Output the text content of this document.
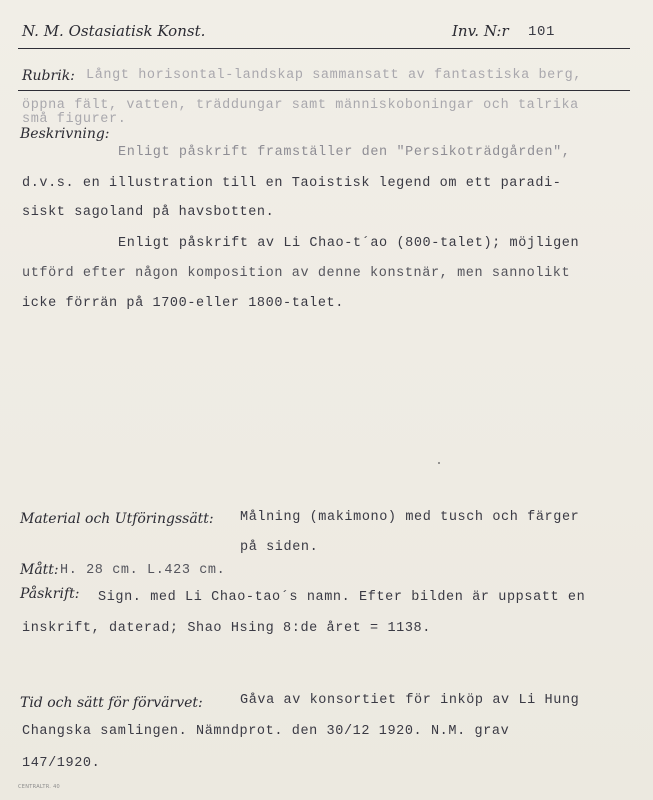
N. M. Ostasiatisk Konst.	Inv. N:r 101
Rubrik: Långt horisontal-landskap sammansatt av fantastiska berg,
öppna fält, vatten, träddungar samt människoboningar och talrika
små figurer.
Beskrivning:
Enligt påskrift framställer den "Persikoträdgården",
d.v.s. en illustration till en Taoistisk legend om ett paradi-
siskt sagoland på havsbotten.
Enligt påskrift av Li Chao-t´ao (800-talet); möjligen
utförd efter någon komposition av denne konstnär, men sannolikt
icke förrän på 1700-eller 1800-talet.
Material och Utföringssätt: Målning (makimono) med tusch och färger
på siden.
Mått: H. 28 cm. L.423 cm.
Påskrift: Sign. med Li Chao-tao´s namn. Efter bilden är uppsatt en
inskrift, daterad; Shao Hsing 8:de året = 1138.
Tid och sätt för förvärvet:	Gåva av konsortiet för inköp av Li Hung
Changska samlingen. Nämndprot. den 30/12 1920. N.M. grav
147/1920.
CENTRALTR. 40
